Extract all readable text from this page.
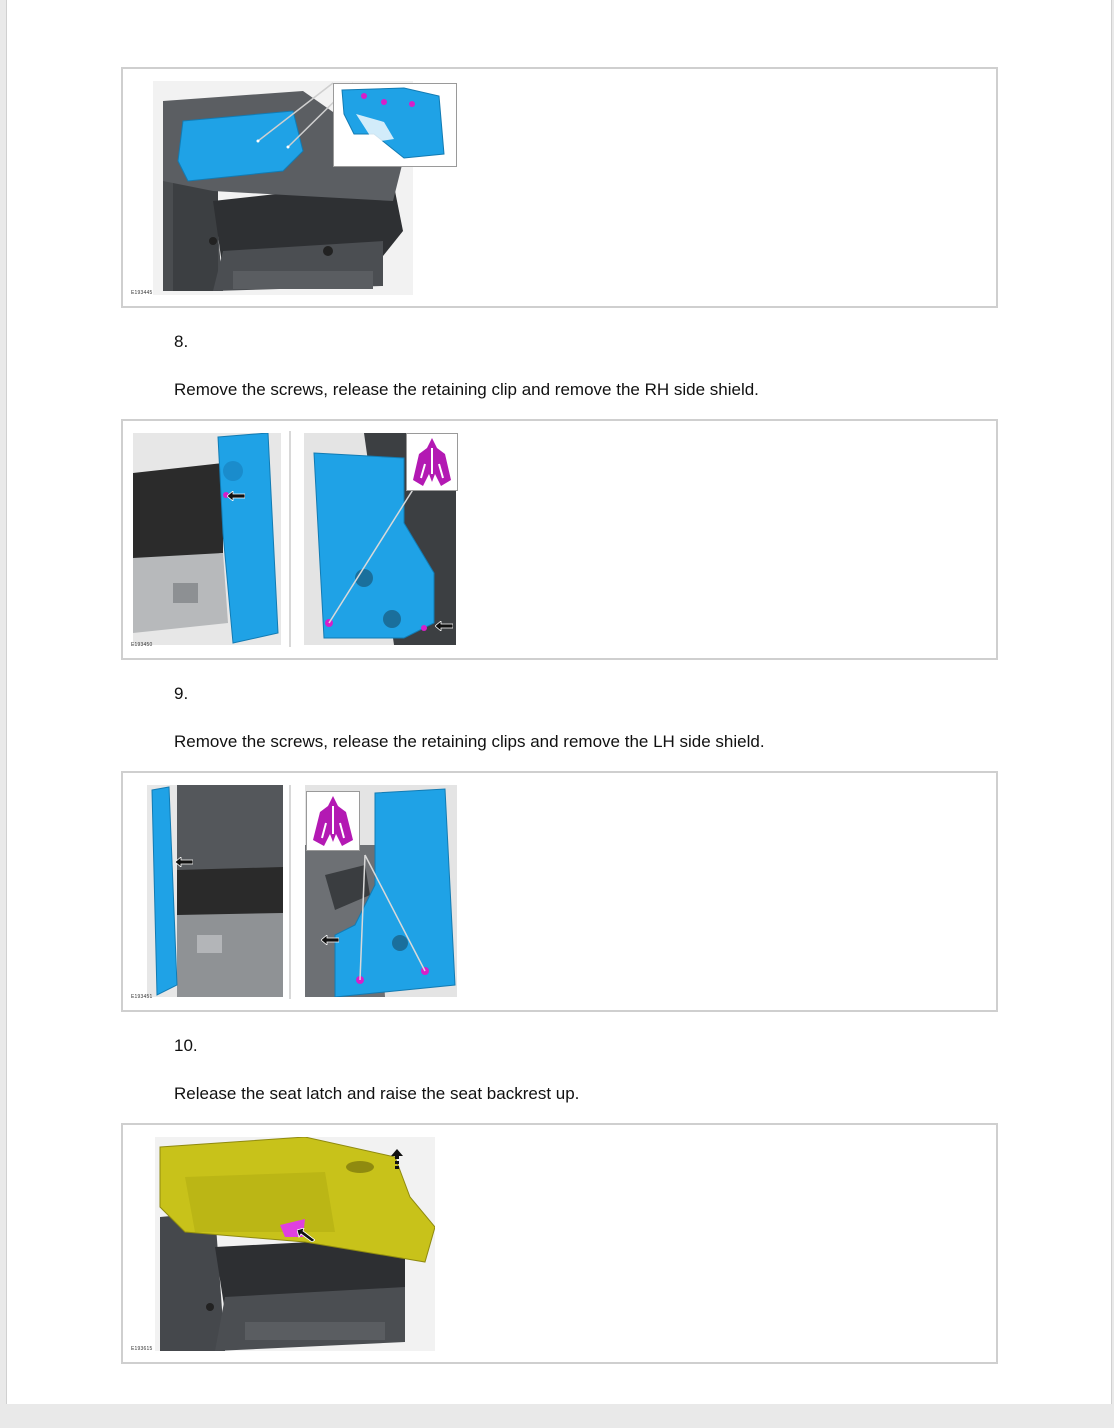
E193445

8.

Remove the screws, release the retaining clip and remove the RH side shield.

E193450

9.

Remove the screws, release the retaining clips and remove the LH side shield.

E193451

10.

Release the seat latch and raise the seat backrest up.

E193615
